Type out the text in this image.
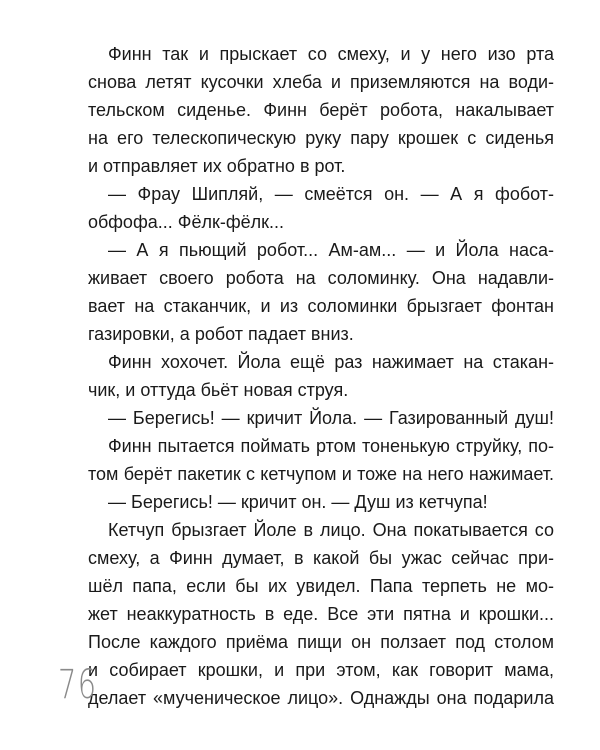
Финн так и прыскает со смеху, и у него изо рта
снова летят кусочки хлеба и приземляются на води-
тельском сиденье. Финн берёт робота, накалывает
на его телескопическую руку пару крошек с сиденья
и отправляет их обратно в рот.
— Фрау Шипляй, — смеётся он. — А я фобот-
обфофа... Фёлк-фёлк...
— А я пьющий робот... Ам-ам... — и Йола наса-
живает своего робота на соломинку. Она надавли-
вает на стаканчик, и из соломинки брызгает фонтан
газировки, а робот падает вниз.
Финн хохочет. Йола ещё раз нажимает на стакан-
чик, и оттуда бьёт новая струя.
— Берегись! — кричит Йола. — Газированный душ!
Финн пытается поймать ртом тоненькую струйку, по-
том берёт пакетик с кетчупом и тоже на него нажимает.
— Берегись! — кричит он. — Душ из кетчупа!
Кетчуп брызгает Йоле в лицо. Она покатывается со
смеху, а Финн думает, в какой бы ужас сейчас при-
шёл папа, если бы их увидел. Папа терпеть не мо-
жет неаккуратность в еде. Все эти пятна и крошки...
После каждого приёма пищи он ползает под столом
и собирает крошки, и при этом, как говорит мама,
делает «мученическое лицо». Однажды она подарила
76
